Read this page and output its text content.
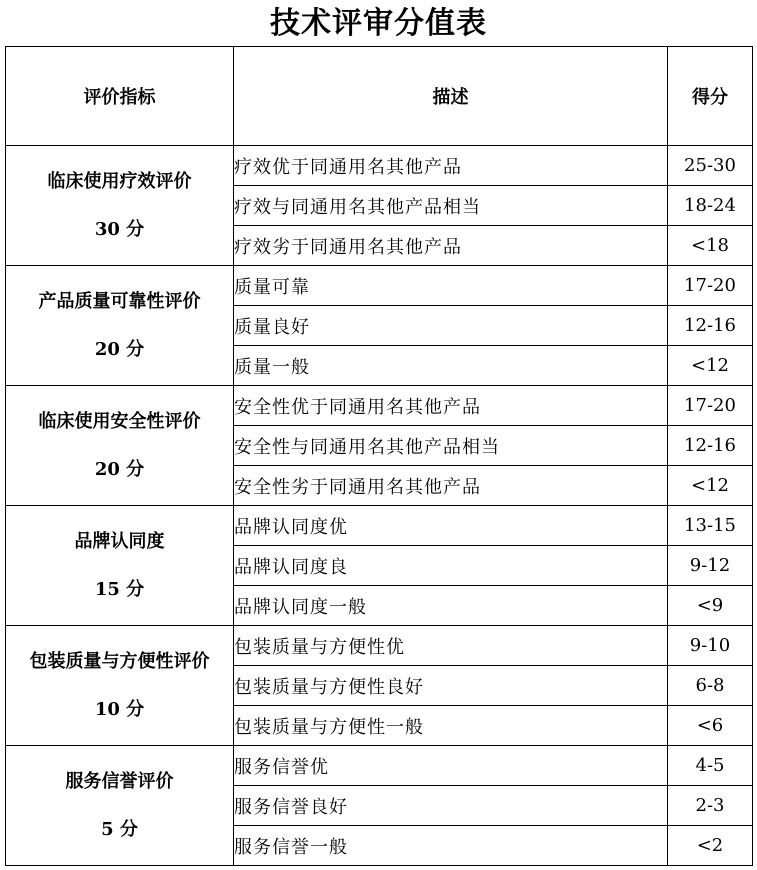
技术评审分值表
评价指标	描述	得分

临床使用疗效评价
30 分	疗效优于同通用名其他产品	25-30
	疗效与同通用名其他产品相当	18-24
	疗效劣于同通用名其他产品	<18

产品质量可靠性评价
20 分	质量可靠	17-20
	质量良好	12-16
	质量一般	<12

临床使用安全性评价
20 分	安全性优于同通用名其他产品	17-20
	安全性与同通用名其他产品相当	12-16
	安全性劣于同通用名其他产品	<12

品牌认同度
15 分	品牌认同度优	13-15
	品牌认同度良	9-12
	品牌认同度一般	<9

包装质量与方便性评价
10 分	包装质量与方便性优	9-10
	包装质量与方便性良好	6-8
	包装质量与方便性一般	<6

服务信誉评价
5 分	服务信誉优	4-5
	服务信誉良好	2-3
	服务信誉一般	<2
